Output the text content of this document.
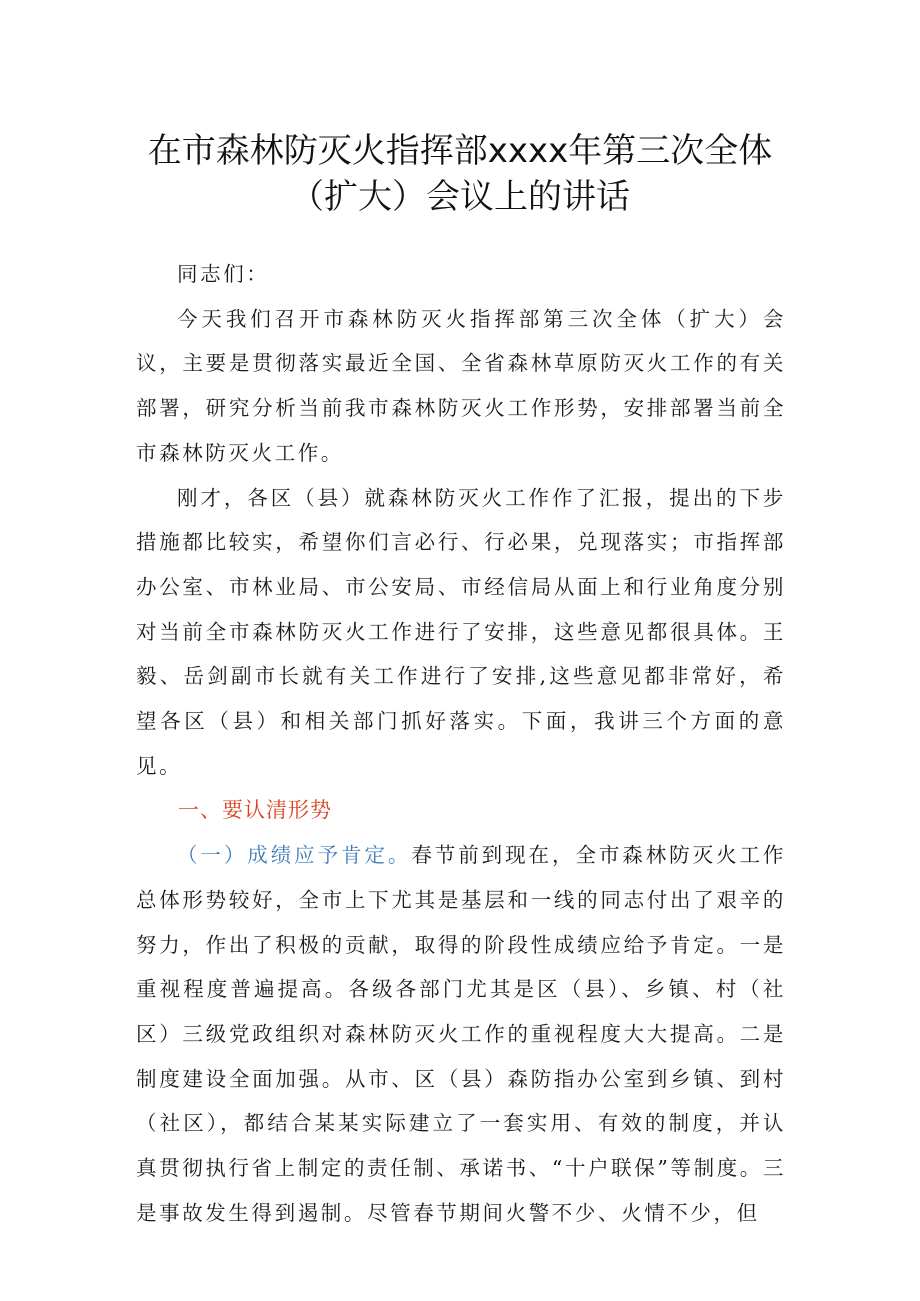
在市森林防灭火指挥部xxxx年第三次全体（扩大）会议上的讲话

同志们：

今天我们召开市森林防灭火指挥部第三次全体（扩大）会议，主要是贯彻落实最近全国、全省森林草原防灭火工作的有关部署，研究分析当前我市森林防灭火工作形势，安排部署当前全市森林防灭火工作。

刚才，各区（县）就森林防灭火工作作了汇报，提出的下步措施都比较实，希望你们言必行、行必果，兑现落实；市指挥部办公室、市林业局、市公安局、市经信局从面上和行业角度分别对当前全市森林防灭火工作进行了安排，这些意见都很具体。王毅、岳剑副市长就有关工作进行了安排,这些意见都非常好，希望各区（县）和相关部门抓好落实。下面，我讲三个方面的意见。

一、要认清形势

（一）成绩应予肯定。春节前到现在，全市森林防灭火工作总体形势较好，全市上下尤其是基层和一线的同志付出了艰辛的努力，作出了积极的贡献，取得的阶段性成绩应给予肯定。一是重视程度普遍提高。各级各部门尤其是区（县）、乡镇、村（社区）三级党政组织对森林防灭火工作的重视程度大大提高。二是制度建设全面加强。从市、区（县）森防指办公室到乡镇、到村（社区），都结合某某实际建立了一套实用、有效的制度，并认真贯彻执行省上制定的责任制、承诺书、“十户联保”等制度。三是事故发生得到遏制。尽管春节期间火警不少、火情不少，但
